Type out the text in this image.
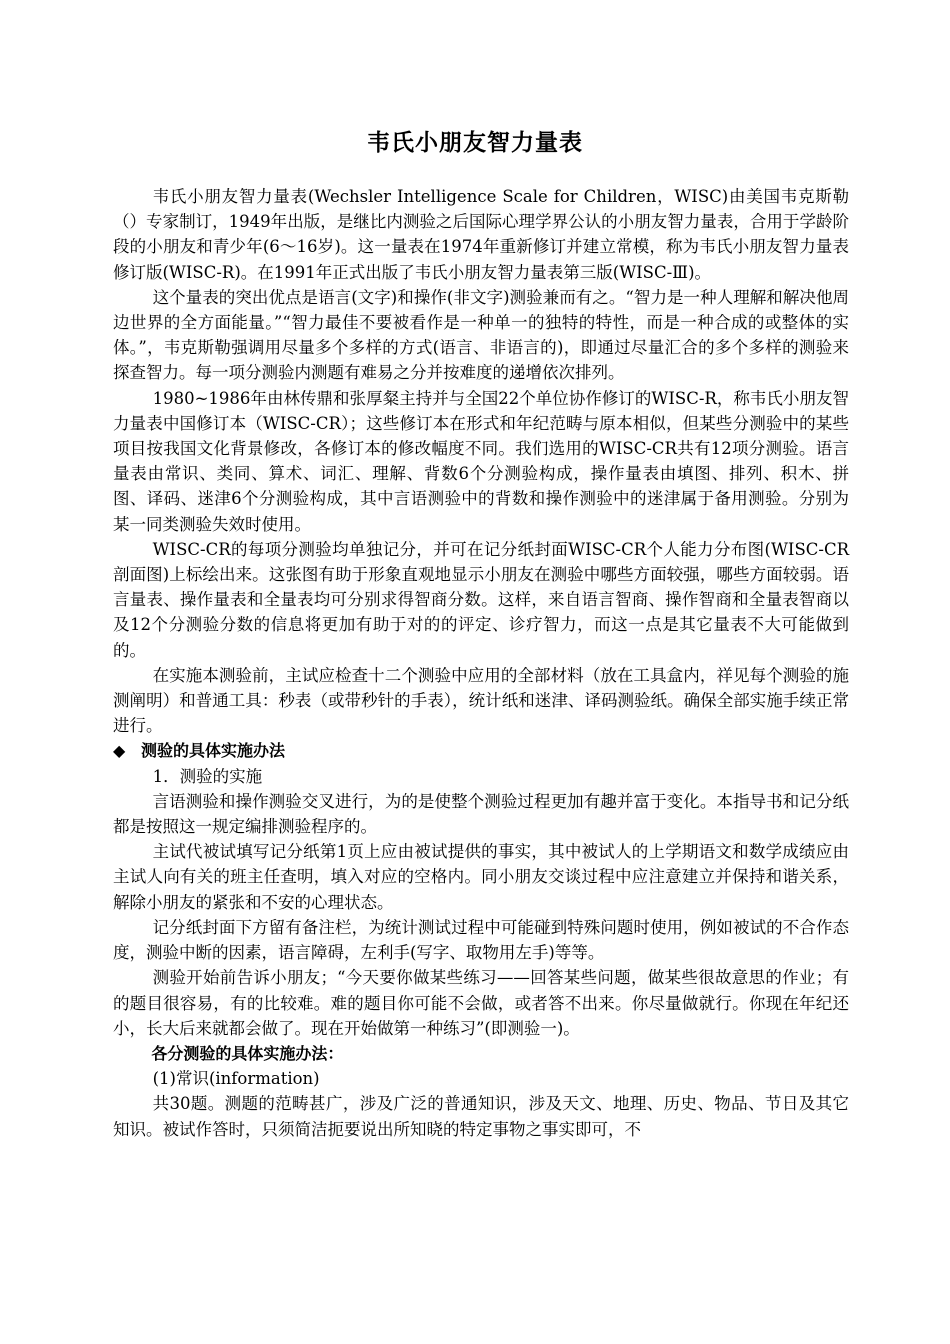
韦氏小朋友智力量表

韦氏小朋友智力量表(Wechsler Intelligence Scale for Children，WISC)由美国韦克斯勒（）专家制订，1949年出版，是继比内测验之后国际心理学界公认的小朋友智力量表，合用于学龄阶段的小朋友和青少年(6～16岁)。这一量表在1974年重新修订并建立常模，称为韦氏小朋友智力量表修订版(WISC-R)。在1991年正式出版了韦氏小朋友智力量表第三版(WISC-Ⅲ)。

这个量表的突出优点是语言(文字)和操作(非文字)测验兼而有之。“智力是一种人理解和解决他周边世界的全方面能量。”“智力最佳不要被看作是一种单一的独特的特性，而是一种合成的或整体的实体。”，韦克斯勒强调用尽量多个多样的方式(语言、非语言的)，即通过尽量汇合的多个多样的测验来探查智力。每一项分测验内测题有难易之分并按难度的递增依次排列。

1980~1986年由林传鼎和张厚粲主持并与全国22个单位协作修订的WISC-R，称韦氏小朋友智力量表中国修订本（WISC-CR）；这些修订本在形式和年纪范畴与原本相似，但某些分测验中的某些项目按我国文化背景修改，各修订本的修改幅度不同。我们选用的WISC-CR共有12项分测验。语言量表由常识、类同、算术、词汇、理解、背数6个分测验构成，操作量表由填图、排列、积木、拼图、译码、迷津6个分测验构成，其中言语测验中的背数和操作测验中的迷津属于备用测验。分别为某一同类测验失效时使用。

WISC-CR的每项分测验均单独记分，并可在记分纸封面WISC-CR个人能力分布图(WISC-CR剖面图)上标绘出来。这张图有助于形象直观地显示小朋友在测验中哪些方面较强，哪些方面较弱。语言量表、操作量表和全量表均可分别求得智商分数。这样，来自语言智商、操作智商和全量表智商以及12个分测验分数的信息将更加有助于对的的评定、诊疗智力，而这一点是其它量表不大可能做到的。

在实施本测验前，主试应检查十二个测验中应用的全部材料（放在工具盒内，祥见每个测验的施测阐明）和普通工具：秒表（或带秒针的手表），统计纸和迷津、译码测验纸。确保全部实施手续正常进行。

◆ 测验的具体实施办法

1．测验的实施

言语测验和操作测验交叉进行，为的是使整个测验过程更加有趣并富于变化。本指导书和记分纸都是按照这一规定编排测验程序的。

主试代被试填写记分纸第1页上应由被试提供的事实，其中被试人的上学期语文和数学成绩应由主试人向有关的班主任查明，填入对应的空格内。同小朋友交谈过程中应注意建立并保持和谐关系，解除小朋友的紧张和不安的心理状态。

记分纸封面下方留有备注栏，为统计测试过程中可能碰到特殊问题时使用，例如被试的不合作态度，测验中断的因素，语言障碍，左利手(写字、取物用左手)等等。

测验开始前告诉小朋友；“今天要你做某些练习——回答某些问题，做某些很故意思的作业；有的题目很容易，有的比较难。难的题目你可能不会做，或者答不出来。你尽量做就行。你现在年纪还小，长大后来就都会做了。现在开始做第一种练习”(即测验一)。

各分测验的具体实施办法：

(1)常识(information)

共30题。测题的范畴甚广，涉及广泛的普通知识，涉及天文、地理、历史、物品、节日及其它知识。被试作答时，只须简洁扼要说出所知晓的特定事物之事实即可，不
